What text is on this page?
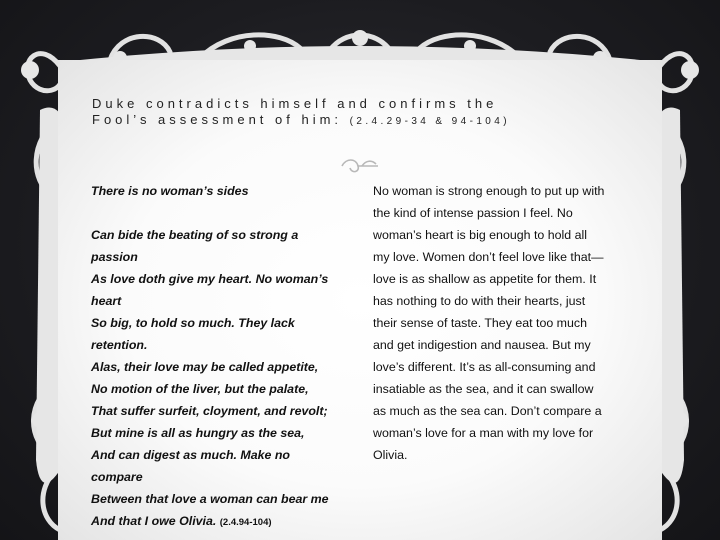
Duke contradicts himself and confirms the
Fool’s assessment of him: (2.4.29-34 & 94-104)
There is no woman’s sides
Can bide the beating of so strong a
passion
As love doth give my heart. No woman’s
heart
So big, to hold so much. They lack
retention.
Alas, their love may be called appetite,
No motion of the liver, but the palate,
That suffer surfeit, cloyment, and revolt;
But mine is all as hungry as the sea,
And can digest as much. Make no
compare
Between that love a woman can bear me
And that I owe Olivia. (2.4.94-104)
No woman is strong enough to put up with
the kind of intense passion I feel. No
woman’s heart is big enough to hold all
my love. Women don’t feel love like that—
love is as shallow as appetite for them. It
has nothing to do with their hearts, just
their sense of taste. They eat too much
and get indigestion and nausea. But my
love’s different. It’s as all-consuming and
insatiable as the sea, and it can swallow
as much as the sea can. Don’t compare a
woman’s love for a man with my love for
Olivia.
